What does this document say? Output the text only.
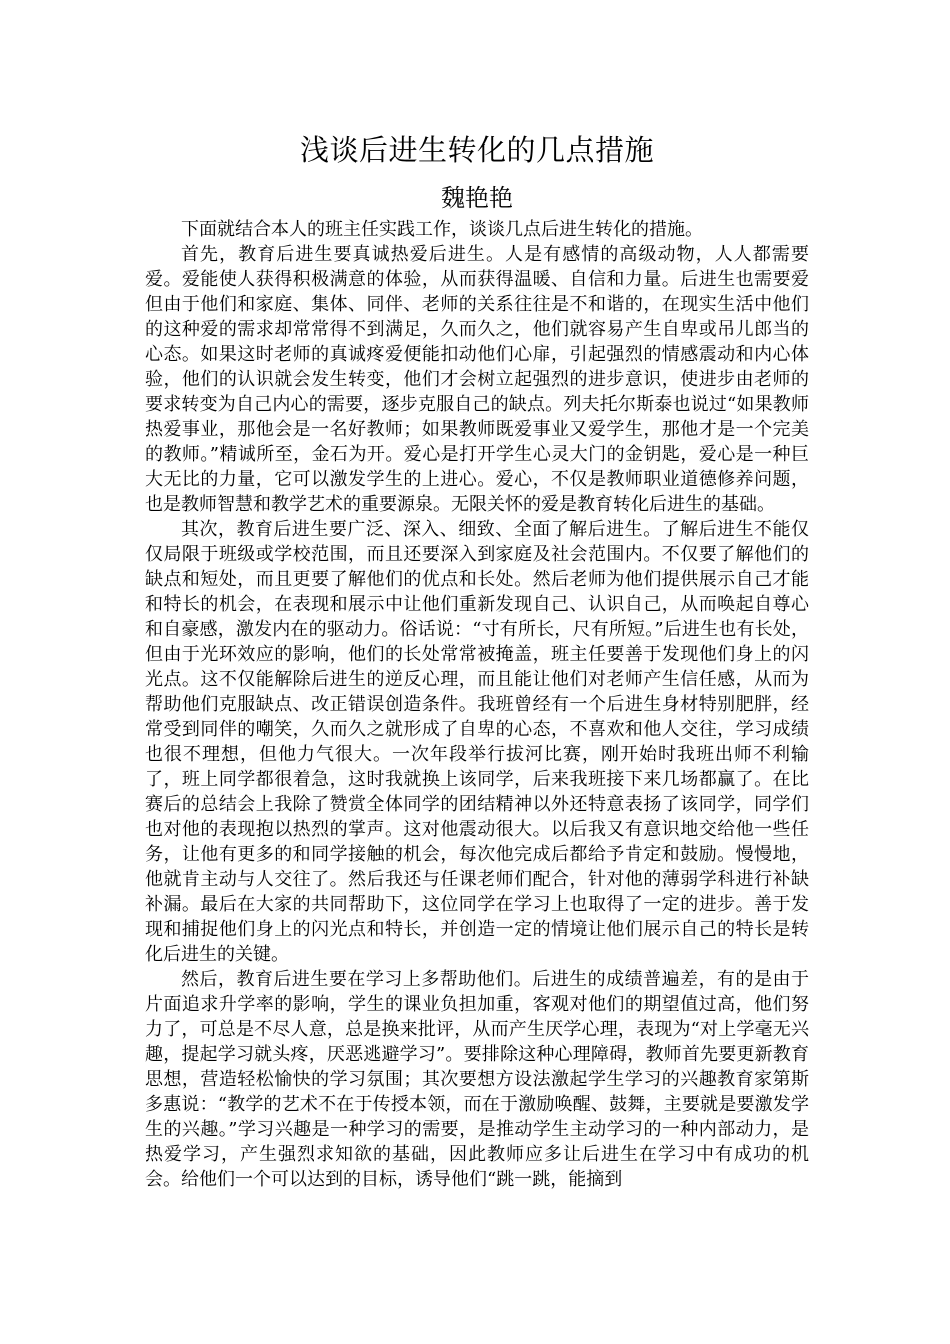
浅谈后进生转化的几点措施
魏艳艳

下面就结合本人的班主任实践工作，谈谈几点后进生转化的措施。

首先，教育后进生要真诚热爱后进生。人是有感情的高级动物，人人都需要爱。爱能使人获得积极满意的体验，从而获得温暖、自信和力量。后进生也需要爱但由于他们和家庭、集体、同伴、老师的关系往往是不和谐的，在现实生活中他们的这种爱的需求却常常得不到满足，久而久之，他们就容易产生自卑或吊儿郎当的心态。如果这时老师的真诚疼爱便能扣动他们心扉，引起强烈的情感震动和内心体验，他们的认识就会发生转变，他们才会树立起强烈的进步意识，使进步由老师的要求转变为自己内心的需要，逐步克服自己的缺点。列夫托尔斯泰也说过“如果教师热爱事业，那他会是一名好教师；如果教师既爱事业又爱学生，那他才是一个完美的教师。”精诚所至，金石为开。爱心是打开学生心灵大门的金钥匙，爱心是一种巨大无比的力量，它可以激发学生的上进心。爱心，不仅是教师职业道德修养问题，也是教师智慧和教学艺术的重要源泉。无限关怀的爱是教育转化后进生的基础。

其次，教育后进生要广泛、深入、细致、全面了解后进生。了解后进生不能仅仅局限于班级或学校范围，而且还要深入到家庭及社会范围内。不仅要了解他们的缺点和短处，而且更要了解他们的优点和长处。然后老师为他们提供展示自己才能和特长的机会，在表现和展示中让他们重新发现自己、认识自己，从而唤起自尊心和自豪感，激发内在的驱动力。俗话说：“寸有所长，尺有所短。”后进生也有长处，但由于光环效应的影响，他们的长处常常被掩盖，班主任要善于发现他们身上的闪光点。这不仅能解除后进生的逆反心理，而且能让他们对老师产生信任感，从而为帮助他们克服缺点、改正错误创造条件。我班曾经有一个后进生身材特别肥胖，经常受到同伴的嘲笑，久而久之就形成了自卑的心态，不喜欢和他人交往，学习成绩也很不理想，但他力气很大。一次年段举行拔河比赛，刚开始时我班出师不利输了，班上同学都很着急，这时我就换上该同学，后来我班接下来几场都赢了。在比赛后的总结会上我除了赞赏全体同学的团结精神以外还特意表扬了该同学，同学们也对他的表现抱以热烈的掌声。这对他震动很大。以后我又有意识地交给他一些任务，让他有更多的和同学接触的机会，每次他完成后都给予肯定和鼓励。慢慢地，他就肯主动与人交往了。然后我还与任课老师们配合，针对他的薄弱学科进行补缺补漏。最后在大家的共同帮助下，这位同学在学习上也取得了一定的进步。善于发现和捕捉他们身上的闪光点和特长，并创造一定的情境让他们展示自己的特长是转化后进生的关键。

然后，教育后进生要在学习上多帮助他们。后进生的成绩普遍差，有的是由于片面追求升学率的影响，学生的课业负担加重，客观对他们的期望值过高，他们努力了，可总是不尽人意，总是换来批评，从而产生厌学心理，表现为“对上学毫无兴趣，提起学习就头疼，厌恶逃避学习”。要排除这种心理障碍，教师首先要更新教育思想，营造轻松愉快的学习氛围；其次要想方设法激起学生学习的兴趣教育家第斯多惠说：“教学的艺术不在于传授本领，而在于激励唤醒、鼓舞，主要就是要激发学生的兴趣。”学习兴趣是一种学习的需要，是推动学生主动学习的一种内部动力，是热爱学习，产生强烈求知欲的基础，因此教师应多让后进生在学习中有成功的机会。给他们一个可以达到的目标，诱导他们“跳一跳，能摘到
